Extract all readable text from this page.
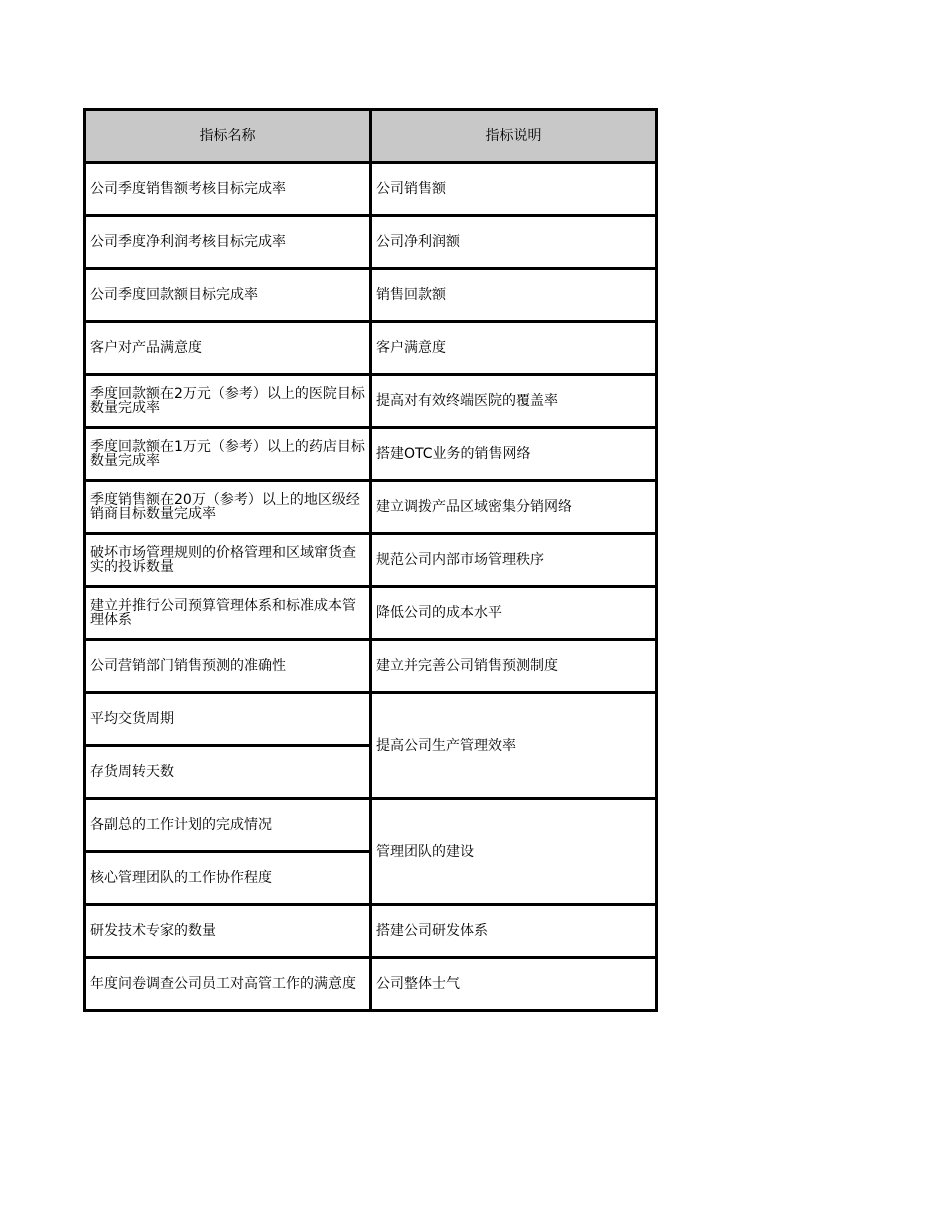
指标名称	指标说明
公司季度销售额考核目标完成率	公司销售额
公司季度净利润考核目标完成率	公司净利润额
公司季度回款额目标完成率	销售回款额
客户对产品满意度	客户满意度
季度回款额在2万元（参考）以上的医院目标数量完成率	提高对有效终端医院的覆盖率
季度回款额在1万元（参考）以上的药店目标数量完成率	搭建OTC业务的销售网络
季度销售额在20万（参考）以上的地区级经销商目标数量完成率	建立调拨产品区域密集分销网络
破坏市场管理规则的价格管理和区域窜货查实的投诉数量	规范公司内部市场管理秩序
建立并推行公司预算管理体系和标准成本管理体系	降低公司的成本水平
公司营销部门销售预测的准确性	建立并完善公司销售预测制度
平均交货周期	提高公司生产管理效率
存货周转天数	
各副总的工作计划的完成情况	管理团队的建设
核心管理团队的工作协作程度	
研发技术专家的数量	搭建公司研发体系
年度问卷调查公司员工对高管工作的满意度	公司整体士气
